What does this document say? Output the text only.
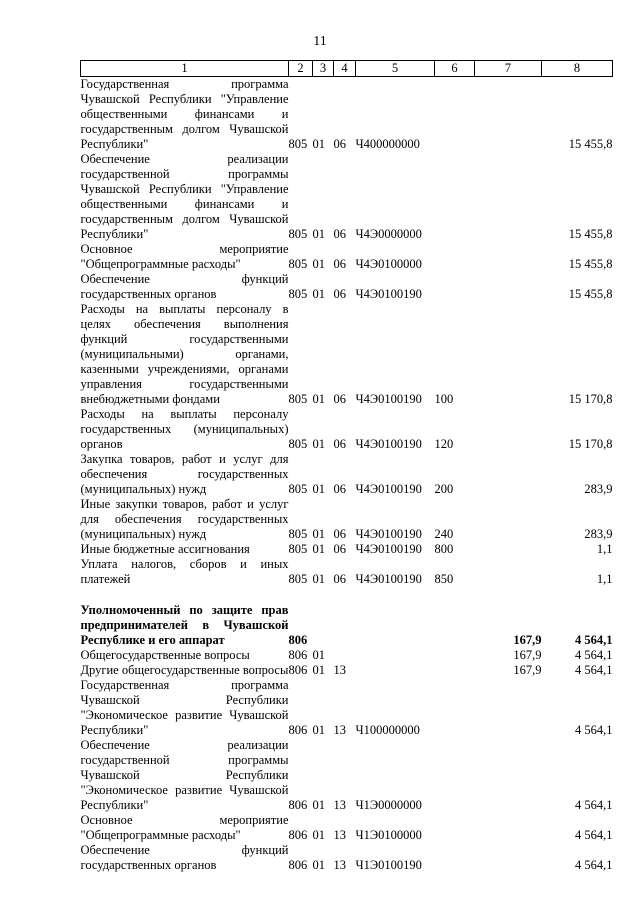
11
1	2	3	4	5	6	7	8
Государственная программа Чувашской Республики "Управление общественными финансами и государственным долгом Чувашской Республики"	805	01	06	Ч400000000			15 455,8
Обеспечение реализации государственной программы Чувашской Республики "Управление общественными финансами и государственным долгом Чувашской Республики"	805	01	06	Ч4Э0000000			15 455,8
Основное мероприятие "Общепрограммные расходы"	805	01	06	Ч4Э0100000			15 455,8
Обеспечение функций государственных органов	805	01	06	Ч4Э0100190			15 455,8
Расходы на выплаты персоналу в целях обеспечения выполнения функций государственными (муниципальными) органами, казенными учреждениями, органами управления государственными внебюджетными фондами	805	01	06	Ч4Э0100190	100		15 170,8
Расходы на выплаты персоналу государственных (муниципальных) органов	805	01	06	Ч4Э0100190	120		15 170,8
Закупка товаров, работ и услуг для обеспечения государственных (муниципальных) нужд	805	01	06	Ч4Э0100190	200		283,9
Иные закупки товаров, работ и услуг для обеспечения государственных (муниципальных) нужд	805	01	06	Ч4Э0100190	240		283,9
Иные бюджетные ассигнования	805	01	06	Ч4Э0100190	800		1,1
Уплата налогов, сборов и иных платежей	805	01	06	Ч4Э0100190	850		1,1

Уполномоченный по защите прав предпринимателей в Чувашской Республике и его аппарат	806					167,9	4 564,1
Общегосударственные вопросы	806	01				167,9	4 564,1
Другие общегосударственные вопросы	806	01	13			167,9	4 564,1
Государственная программа Чувашской Республики "Экономическое развитие Чувашской Республики"	806	01	13	Ч100000000			4 564,1
Обеспечение реализации государственной программы Чувашской Республики "Экономическое развитие Чувашской Республики"	806	01	13	Ч1Э0000000			4 564,1
Основное мероприятие "Общепрограммные расходы"	806	01	13	Ч1Э0100000			4 564,1
Обеспечение функций государственных органов	806	01	13	Ч1Э0100190			4 564,1
